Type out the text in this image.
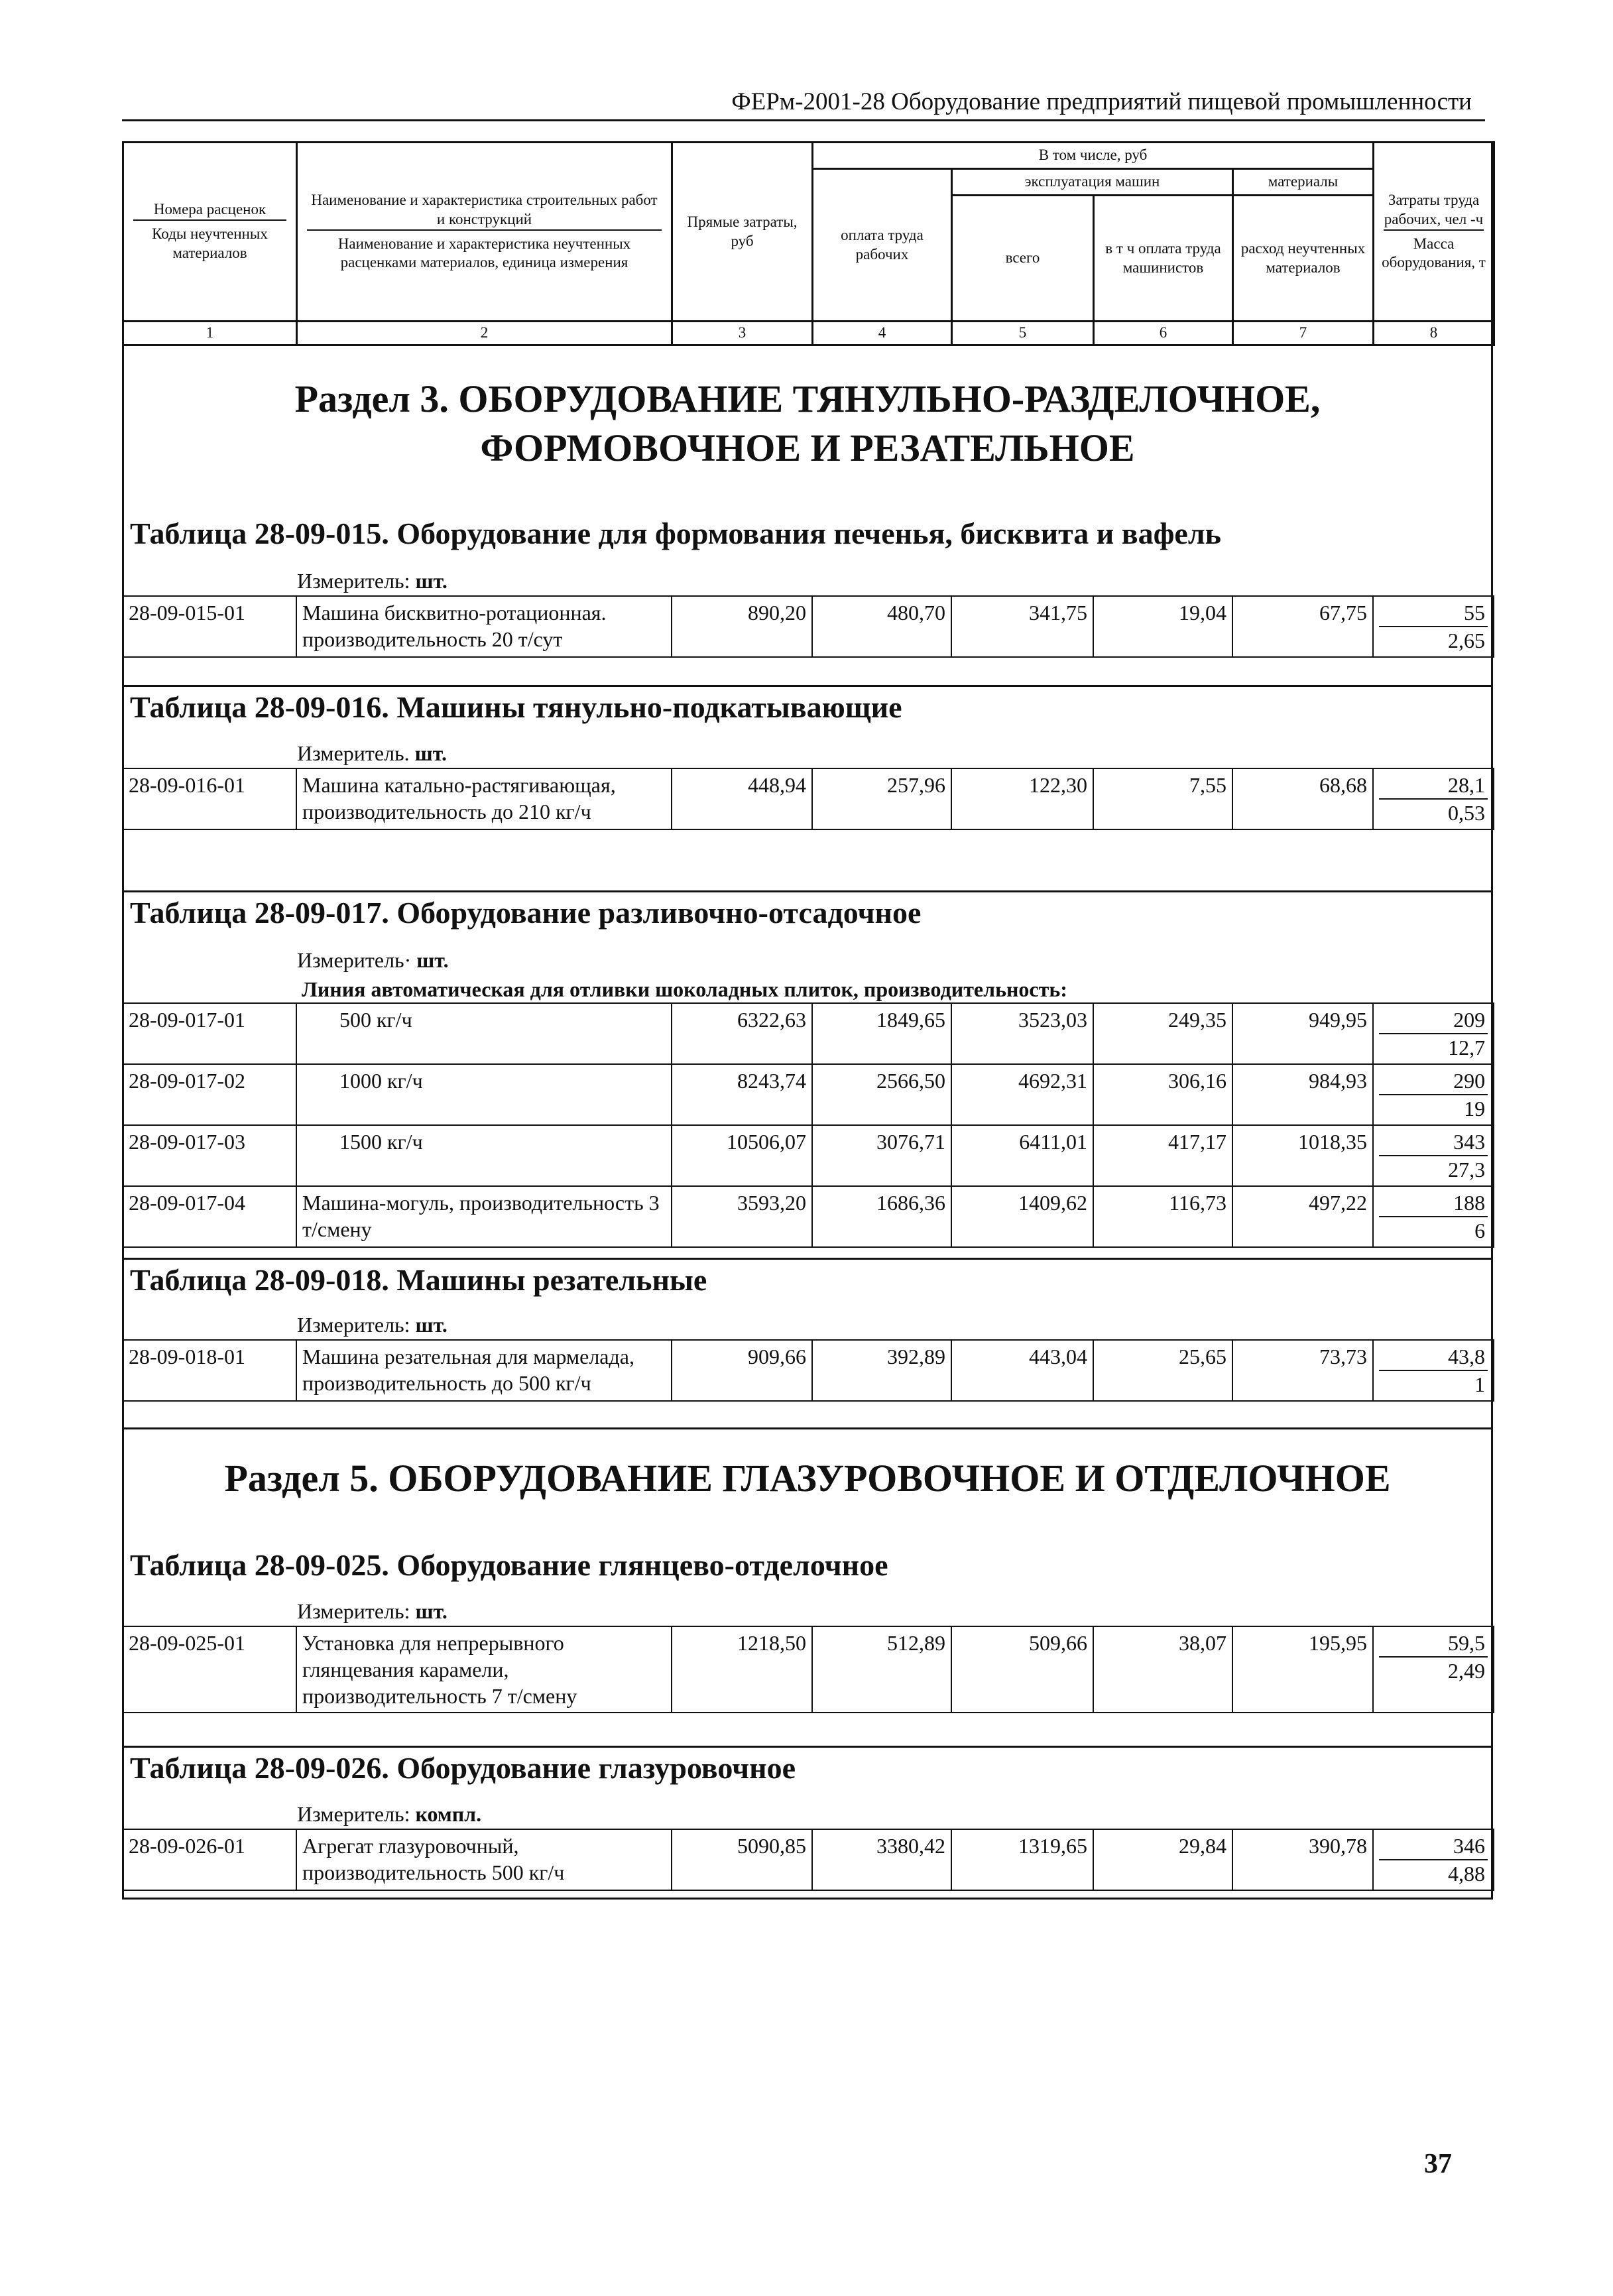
ФЕРм-2001-28 Оборудование предприятий пищевой промышленности
Номера расценок
Коды неучтенных материалов	Наименование и характеристика строительных работ и конструкций
Наименование и характеристика неучтенных расценками материалов, единица измерения	Прямые затраты, руб	В том числе, руб				Затраты труда рабочих, чел -ч
Масса оборудования, т
			оплата труда рабочих	эксплуатация машин		материалы	
				всего	в т ч оплата труда машинистов	расход неучтенных материалов	
1	2	3	4	5	6	7	8
Раздел 3. ОБОРУДОВАНИЕ ТЯНУЛЬНО-РАЗДЕЛОЧНОЕ,
ФОРМОВОЧНОЕ И РЕЗАТЕЛЬНОЕ
Таблица 28-09-015. Оборудование для формования печенья, бисквита и вафель
Измеритель: шт.
28-09-015-01	Машина бисквитно-ротационная. производительность 20 т/сут	890,20	480,70	341,75	19,04	67,75	55
2,65
Таблица 28-09-016. Машины тянульно-подкатывающие
Измеритель. шт.
28-09-016-01	Машина катально-растягивающая, производительность до 210 кг/ч	448,94	257,96	122,30	7,55	68,68	28,1
0,53
Таблица 28-09-017. Оборудование разливочно-отсадочное
Измеритель· шт.
	Линия автоматическая для отливки шоколадных плиток, производительность:						
28-09-017-01	500 кг/ч	6322,63	1849,65	3523,03	249,35	949,95	209
12,7

28-09-017-02	1000 кг/ч	8243,74	2566,50	4692,31	306,16	984,93	290
19

28-09-017-03	1500 кг/ч	10506,07	3076,71	6411,01	417,17	1018,35	343
27,3

28-09-017-04	Машина-могуль, производительность 3 т/смену	3593,20	1686,36	1409,62	116,73	497,22	188
6
Таблица 28-09-018. Машины резательные
Измеритель: шт.
28-09-018-01	Машина резательная для мармелада, производительность до 500 кг/ч	909,66	392,89	443,04	25,65	73,73	43,8
1
Раздел 5. ОБОРУДОВАНИЕ ГЛАЗУРОВОЧНОЕ И ОТДЕЛОЧНОЕ
Таблица 28-09-025. Оборудование глянцево-отделочное
Измеритель: шт.
28-09-025-01	Установка для непрерывного глянцевания карамели, производительность 7 т/смену	1218,50	512,89	509,66	38,07	195,95	59,5
2,49
Таблица 28-09-026. Оборудование глазуровочное
Измеритель: компл.
28-09-026-01	Агрегат глазуровочный, производительность 500 кг/ч	5090,85	3380,42	1319,65	29,84	390,78	346
4,88
37
